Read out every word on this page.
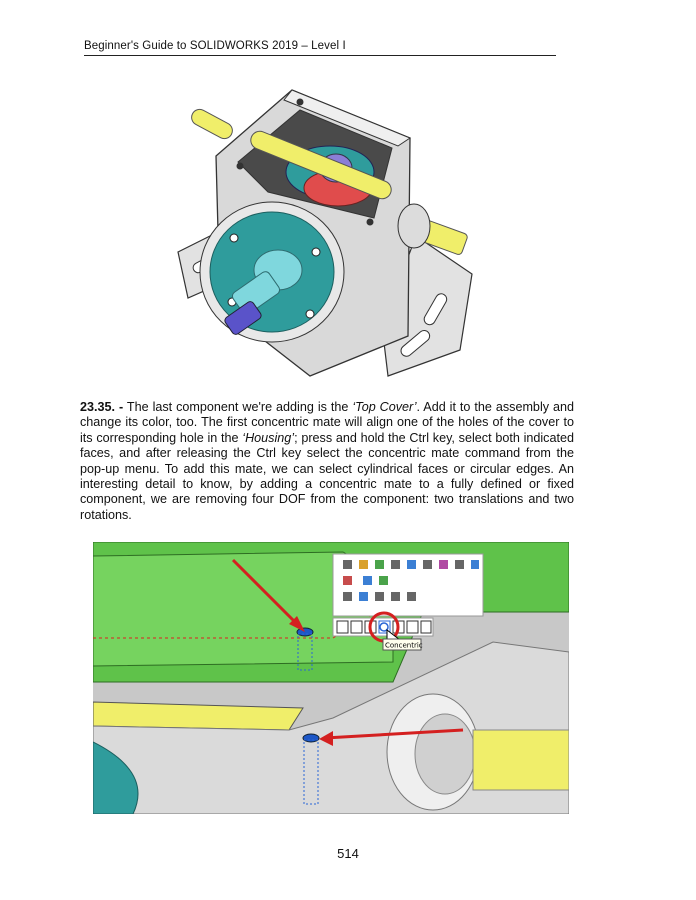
Beginner's Guide to SOLIDWORKS 2019 – Level I
23.35. - The last component we're adding is the ‘Top Cover’. Add it to the assembly and change its color, too. The first concentric mate will align one of the holes of the cover to its corresponding hole in the ‘Housing’; press and hold the Ctrl key, select both indicated faces, and after releasing the Ctrl key select the concentric mate command from the pop-up menu. To add this mate, we can select cylindrical faces or circular edges. An interesting detail to know, by adding a concentric mate to a fully defined or fixed component, we are removing four DOF from the component: two translations and two rotations.
Concentric
514
